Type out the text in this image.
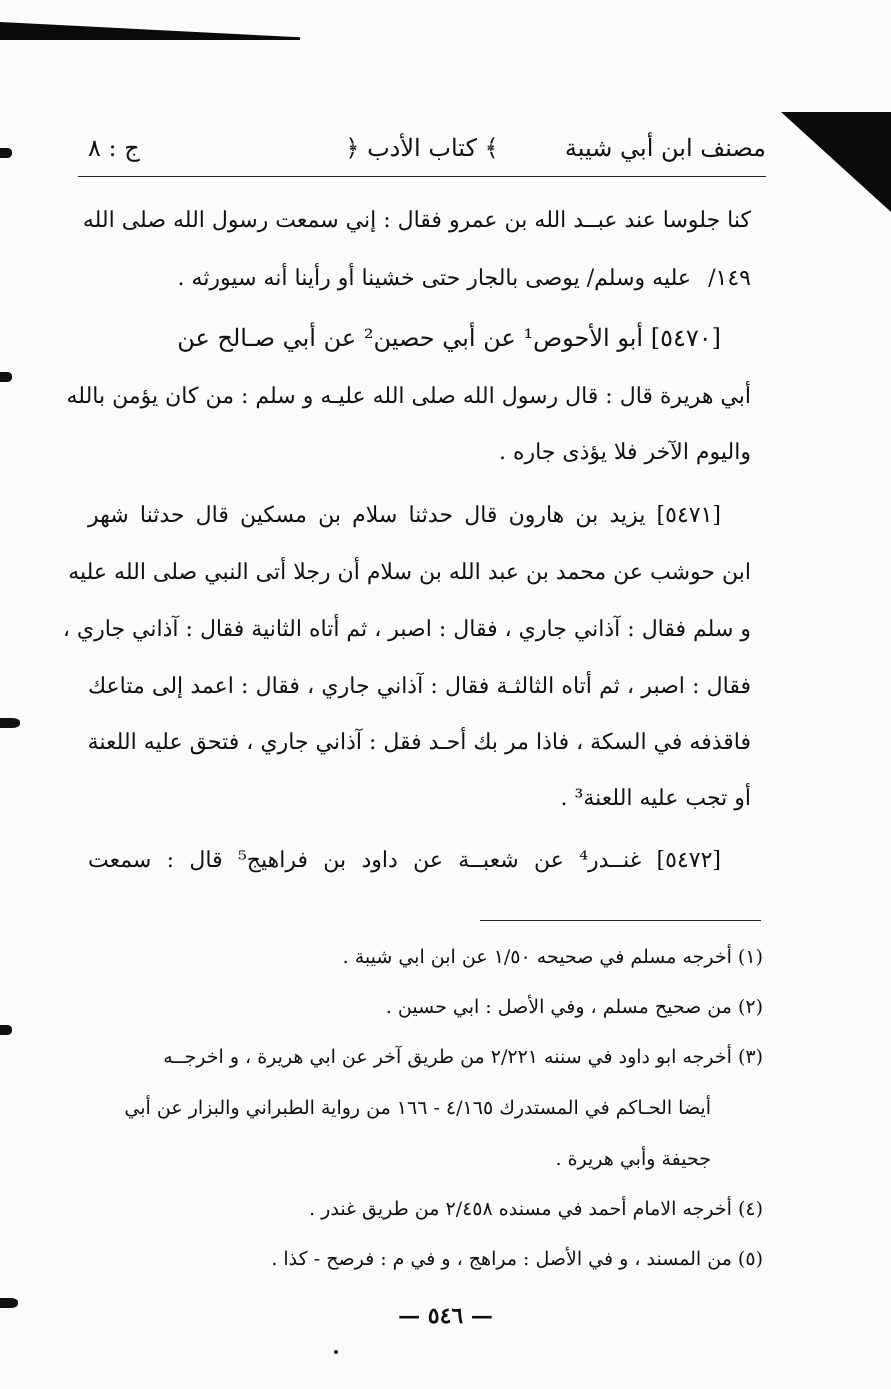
مصنف ابن أبي شيبة
﴿ كتاب الأدب ﴾
ج : ٨
كنا جلوسا عند عبــد الله بن عمرو فقال : إني سمعت رسول الله صلى الله
عليه وسلم/ يوصى بالجار حتى خشينا أو رأينا أنه سيورثه . ١٤٩/
[٥٤٧٠] أبو الأحوص¹ عن أبي حصين² عن أبي صـالح عن
أبي هريرة قال : قال رسول الله صلى الله عليـه و سلم : من كان يؤمن بالله
واليوم الآخر فلا يؤذى جاره .
[٥٤٧١] يزيد بن هارون قال حدثنا سلام بن مسكين قال حدثنا شهر
ابن حوشب عن محمد بن عبد الله بن سلام أن رجلا أتى النبي صلى الله عليه
و سلم فقال : آذاني جاري ، فقال : اصبر ، ثم أتاه الثانية فقال : آذاني جاري ،
فقال : اصبر ، ثم أتاه الثالثـة فقال : آذاني جاري ، فقال : اعمد إلى متاعك
فاقذفه في السكة ، فاذا مر بك أحـد فقل : آذاني جاري ، فتحق عليه اللعنة
أو تجب عليه اللعنة³ .
[٥٤٧٢] غنــدر⁴ عن شعبــة عن داود بن فراهيج⁵ قال : سمعت
(١) أخرجه مسلم في صحيحه ١/٥٠ عن ابن ابي شيبة .
(٢) من صحيح مسلم ، وفي الأصل : ابي حسين .
(٣) أخرجه ابو داود في سننه ٢/٢٢١ من طريق آخر عن ابي هريرة ، و اخرجــه
أيضا الحـاكم في المستدرك ٤/١٦٥ - ١٦٦ من رواية الطبراني والبزار عن أبي
جحيفة وأبي هريرة .
(٤) أخرجه الامام أحمد في مسنده ٢/٤٥٨ من طريق غندر .
(٥) من المسند ، و في الأصل : مراهج ، و في م : فرصح - كذا .
— ٥٤٦ —
